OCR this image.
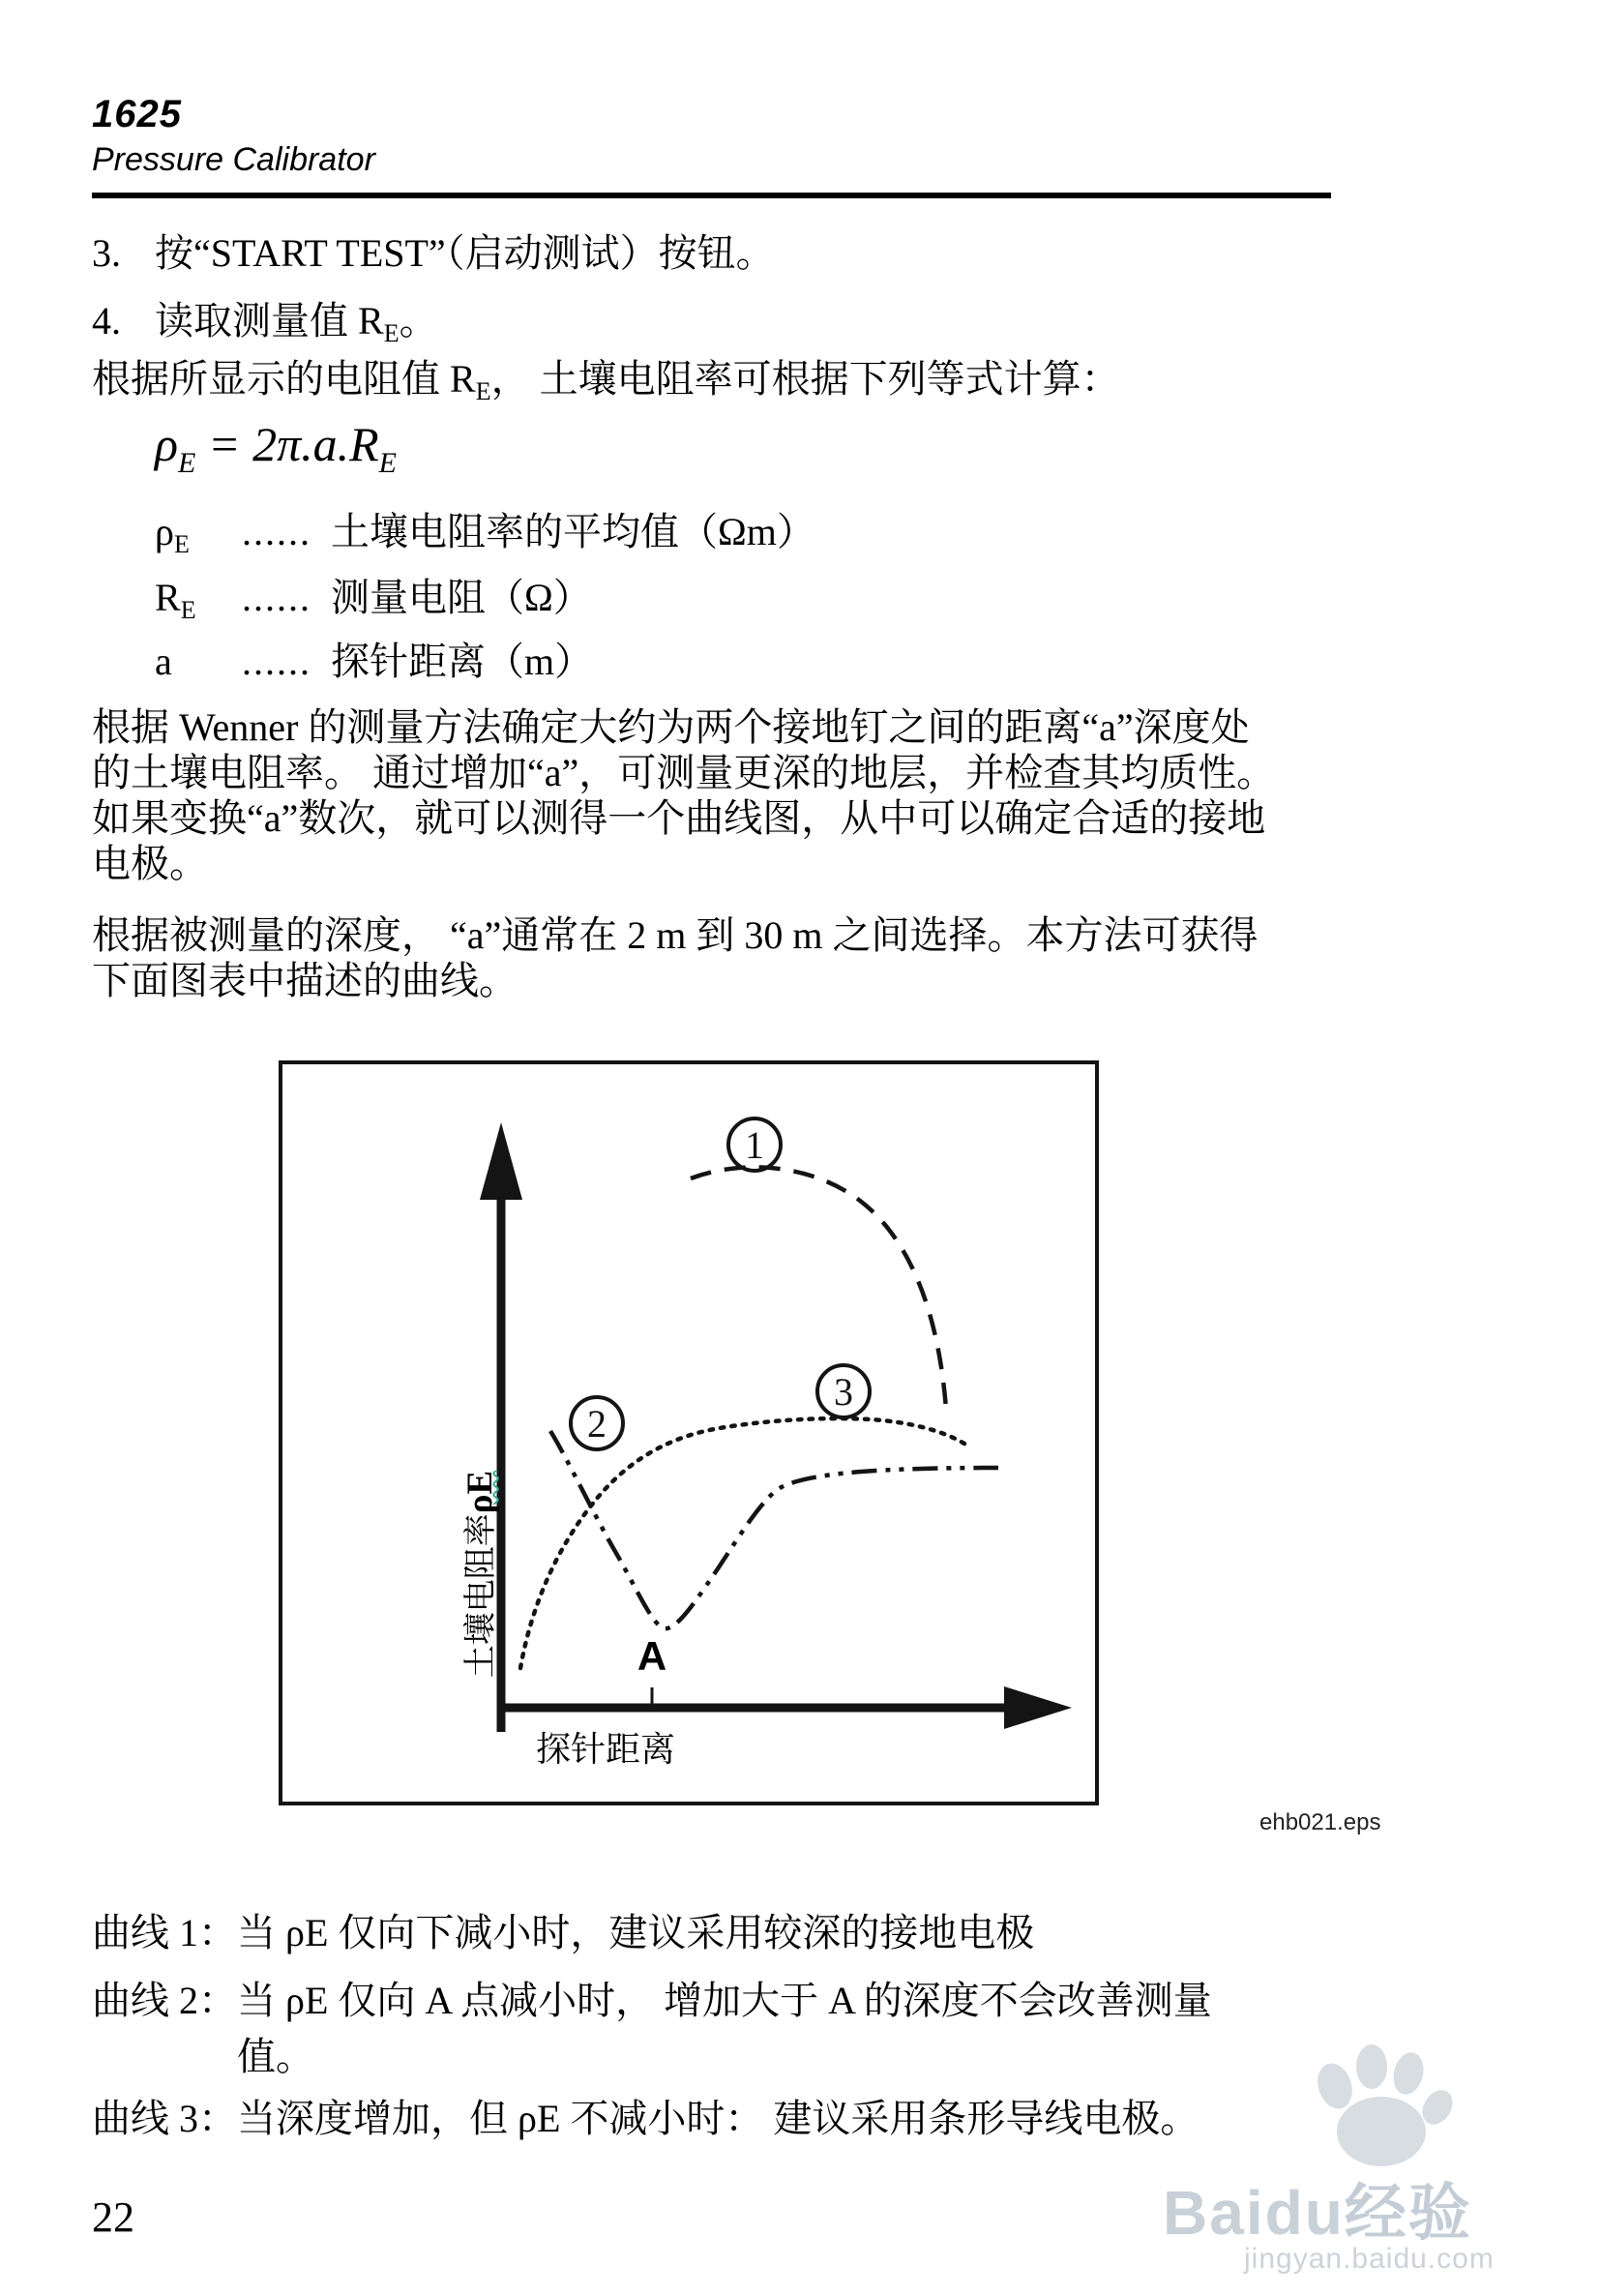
1625
Pressure Calibrator
3. 按“START TEST”（启动测试）按钮。
4. 读取测量值 $R_E$。
根据所显示的电阻值 $R_E$， 土壤电阻率可根据下列等式计算：
$\rho_E = 2\pi.a.R_E$
$\rho_E$ ...... 土壤电阻率的平均值（Ωm）
$R_E$ ...... 测量电阻（Ω）
a ...... 探针距离（m）
根据 Wenner 的测量方法确定大约为两个接地钉之间的距离“a”深度处
的土壤电阻率。 通过增加“a”，可测量更深的地层，并检查其均质性。
如果变换“a”数次，就可以测得一个曲线图，从中可以确定合适的接地
电极。
根据被测量的深度， “a”通常在 2 m 到 30 m 之间选择。本方法可获得
下面图表中描述的曲线。
1
2
3
土壤电阻率ρE
探针距离
A
ehb021.eps
曲线 1： 当 ρE 仅向下减小时，建议采用较深的接地电极
曲线 2： 当 ρE 仅向 A 点减小时， 增加大于 A 的深度不会改善测量
值。
曲线 3： 当深度增加，但 ρE 不减小时： 建议采用条形导线电极。
22	Baidu经验
jingyan.baidu.com
